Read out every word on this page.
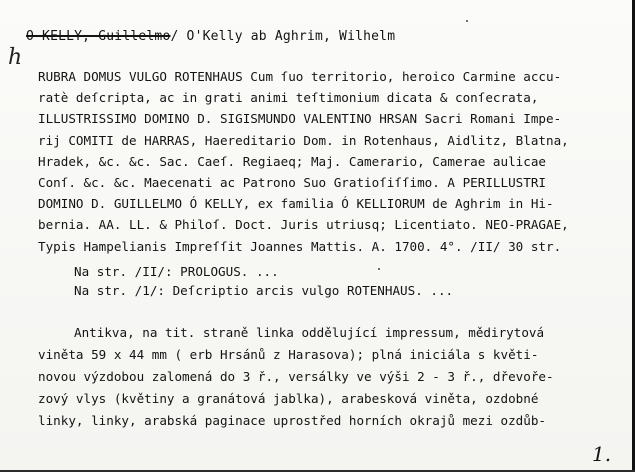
O KELLY, Guillelmo/ O'Kelly ab Aghrim, Wilhelm
h
RUBRA DOMUS VULGO ROTENHAUS Cum ſuo territorio, heroico Carmine accu-
ratè deſcripta, ac in grati animi teſtimonium dicata & conſecrata,
ILLUSTRISSIMO DOMINO D. SIGISMUNDO VALENTINO HRSAN Sacri Romani Impe-
rij COMITI de HARRAS, Haereditario Dom. in Rotenhaus, Aidlitz, Blatna,
Hradek, &c. &c. Sac. Caeſ. Regiaeq; Maj. Camerario, Camerae aulicae
Conſ. &c. &c. Maecenati ac Patrono Suo Gratioſiſſimo. A PERILLUSTRI
DOMINO D. GUILLELMO Ó KELLY, ex familia Ó KELLIORUM de Aghrim in Hi-
bernia. AA. LL. & Philoſ. Doct. Juris utriusq; Licentiato. NEO-PRAGAE,
Typis Hampelianis Impreſſit Joannes Mattis. A. 1700. 4°. /II/ 30 str.
Na str. /II/: PROLOGUS. ...
Na str. /1/: Deſcriptio arcis vulgo ROTENHAUS. ...
Antikva, na tit. straně linka oddělující impressum, mědirytová
viněta 59 x 44 mm ( erb Hrsánů z Harasova); plná iniciála s květi-
novou výzdobou zalomená do 3 ř., versálky ve výši 2 - 3 ř., dřevoře-
zový vlys (květiny a granátová jablka), arabesková viněta, ozdobné
linky, linky, arabská paginace uprostřed horních okrajů mezi ozdůb-
1.
